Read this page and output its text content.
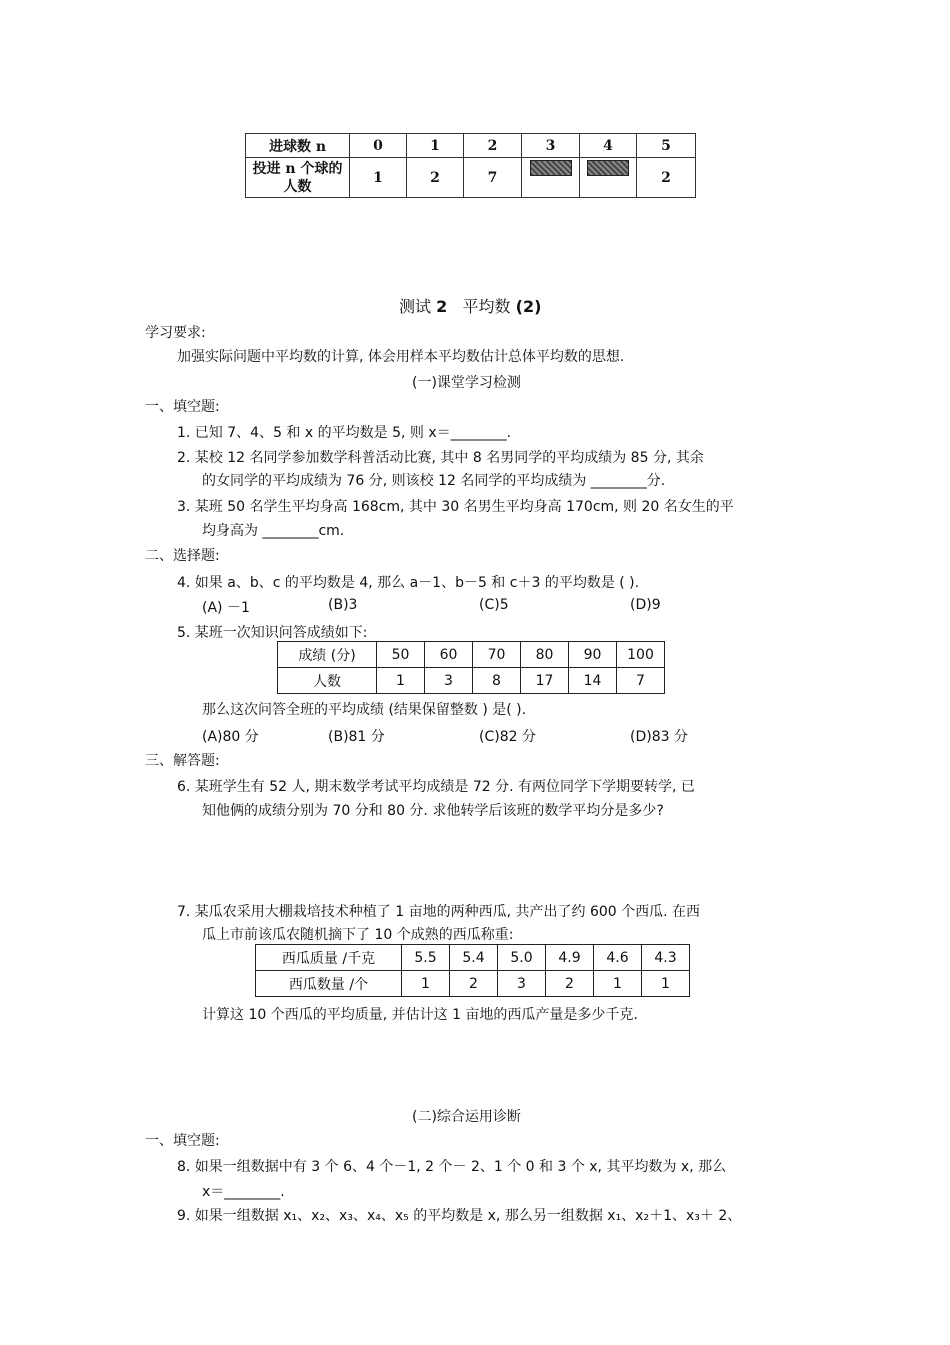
进球数 n	0	1	2	3	4	5
投进 n 个球的
人数	1	2	7			2
测试 2 平均数 (2)
学习要求:
加强实际问题中平均数的计算, 体会用样本平均数估计总体平均数的思想.
(一)课堂学习检测
一、填空题:
1. 已知 7、4、5 和 x 的平均数是 5, 则 x＝________.
2. 某校 12 名同学参加数学科普活动比赛, 其中 8 名男同学的平均成绩为 85 分, 其余
的女同学的平均成绩为 76 分, 则该校 12 名同学的平均成绩为 ________分.
3. 某班 50 名学生平均身高 168cm, 其中 30 名男生平均身高 170cm, 则 20 名女生的平
均身高为 ________cm.
二、选择题:
4. 如果 a、b、c 的平均数是 4, 那么 a－1、b－5 和 c＋3 的平均数是 ( ).
(A) －1	(B)3	(C)5	(D)9
5. 某班一次知识问答成绩如下:
成绩 (分)	50	60	70	80	90	100
人数	1	3	8	17	14	7
那么这次问答全班的平均成绩 (结果保留整数 ) 是( ).
(A)80 分	(B)81 分	(C)82 分	(D)83 分
三、解答题:
6. 某班学生有 52 人, 期末数学考试平均成绩是 72 分. 有两位同学下学期要转学, 已
知他俩的成绩分别为 70 分和 80 分. 求他转学后该班的数学平均分是多少?
7. 某瓜农采用大棚栽培技术种植了 1 亩地的两种西瓜, 共产出了约 600 个西瓜. 在西
瓜上市前该瓜农随机摘下了 10 个成熟的西瓜称重:
西瓜质量 /千克	5.5	5.4	5.0	4.9	4.6	4.3
西瓜数量 /个	1	2	3	2	1	1
计算这 10 个西瓜的平均质量, 并估计这 1 亩地的西瓜产量是多少千克.
(二)综合运用诊断
一、填空题:
8. 如果一组数据中有 3 个 6、4 个－1, 2 个－ 2、1 个 0 和 3 个 x, 其平均数为 x, 那么
x＝________.
9. 如果一组数据 x₁、x₂、x₃、x₄、x₅ 的平均数是 x, 那么另一组数据 x₁、x₂＋1、x₃＋ 2、
